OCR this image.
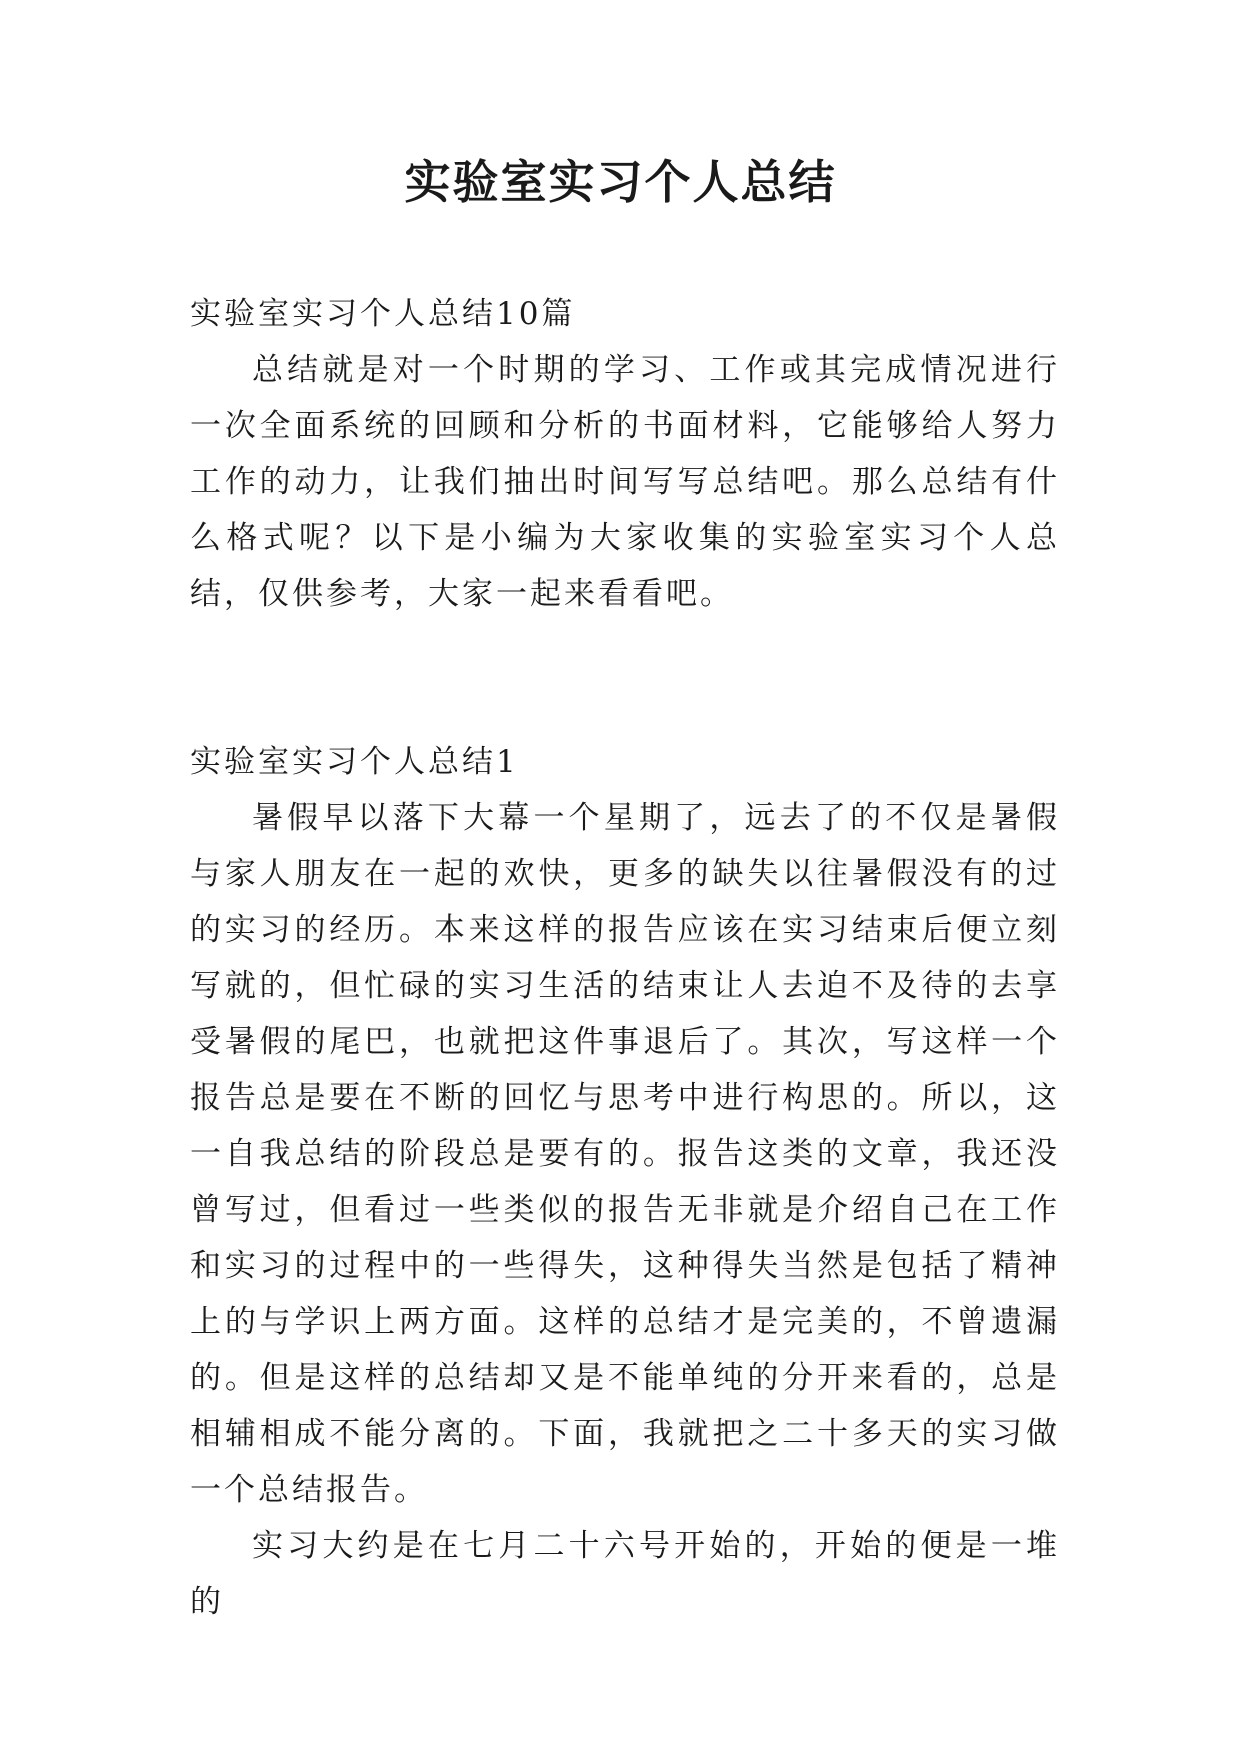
实验室实习个人总结

实验室实习个人总结10篇

总结就是对一个时期的学习、工作或其完成情况进行一次全面系统的回顾和分析的书面材料，它能够给人努力工作的动力，让我们抽出时间写写总结吧。那么总结有什么格式呢？以下是小编为大家收集的实验室实习个人总结，仅供参考，大家一起来看看吧。

实验室实习个人总结1

暑假早以落下大幕一个星期了，远去了的不仅是暑假与家人朋友在一起的欢快，更多的缺失以往暑假没有的过的实习的经历。本来这样的报告应该在实习结束后便立刻写就的，但忙碌的实习生活的结束让人去迫不及待的去享受暑假的尾巴，也就把这件事退后了。其次，写这样一个报告总是要在不断的回忆与思考中进行构思的。所以，这一自我总结的阶段总是要有的。报告这类的文章，我还没曾写过，但看过一些类似的报告无非就是介绍自己在工作和实习的过程中的一些得失，这种得失当然是包括了精神上的与学识上两方面。这样的总结才是完美的，不曾遗漏的。但是这样的总结却又是不能单纯的分开来看的，总是相辅相成不能分离的。下面，我就把之二十多天的实习做一个总结报告。

实习大约是在七月二十六号开始的，开始的便是一堆的
